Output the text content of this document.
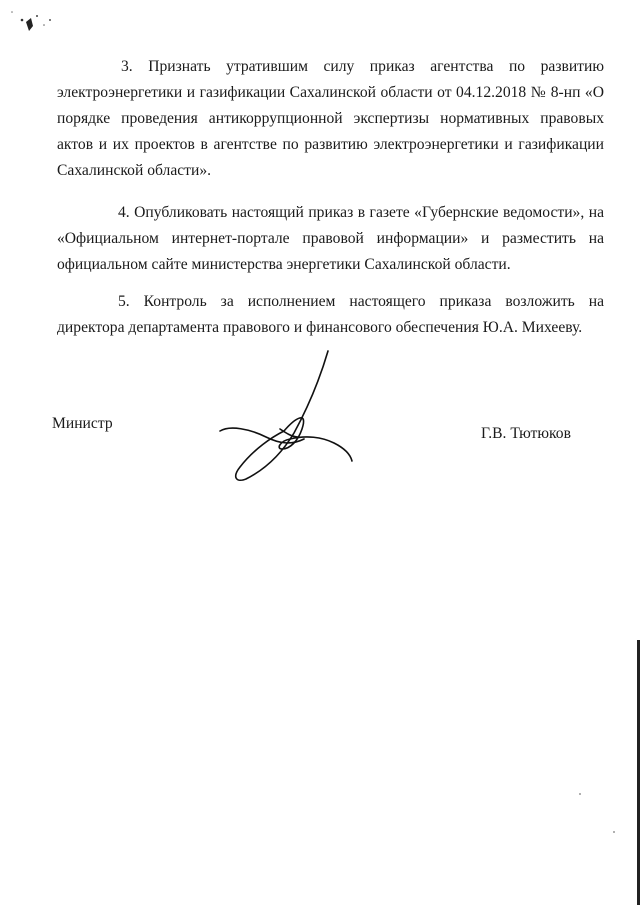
3. Признать утратившим силу приказ агентства по развитию электроэнергетики и газификации Сахалинской области от 04.12.2018 № 8-нп «О порядке проведения антикоррупционной экспертизы нормативных правовых актов и их проектов в агентстве по развитию электроэнергетики и газификации Сахалинской области».

4. Опубликовать настоящий приказ в газете «Губернские ведомости», на «Официальном интернет-портале правовой информации» и разместить на официальном сайте министерства энергетики Сахалинской области.

5. Контроль за исполнением настоящего приказа возложить на директора департамента правового и финансового обеспечения Ю.А. Михееву.

Министр
Г.В. Тютюков
